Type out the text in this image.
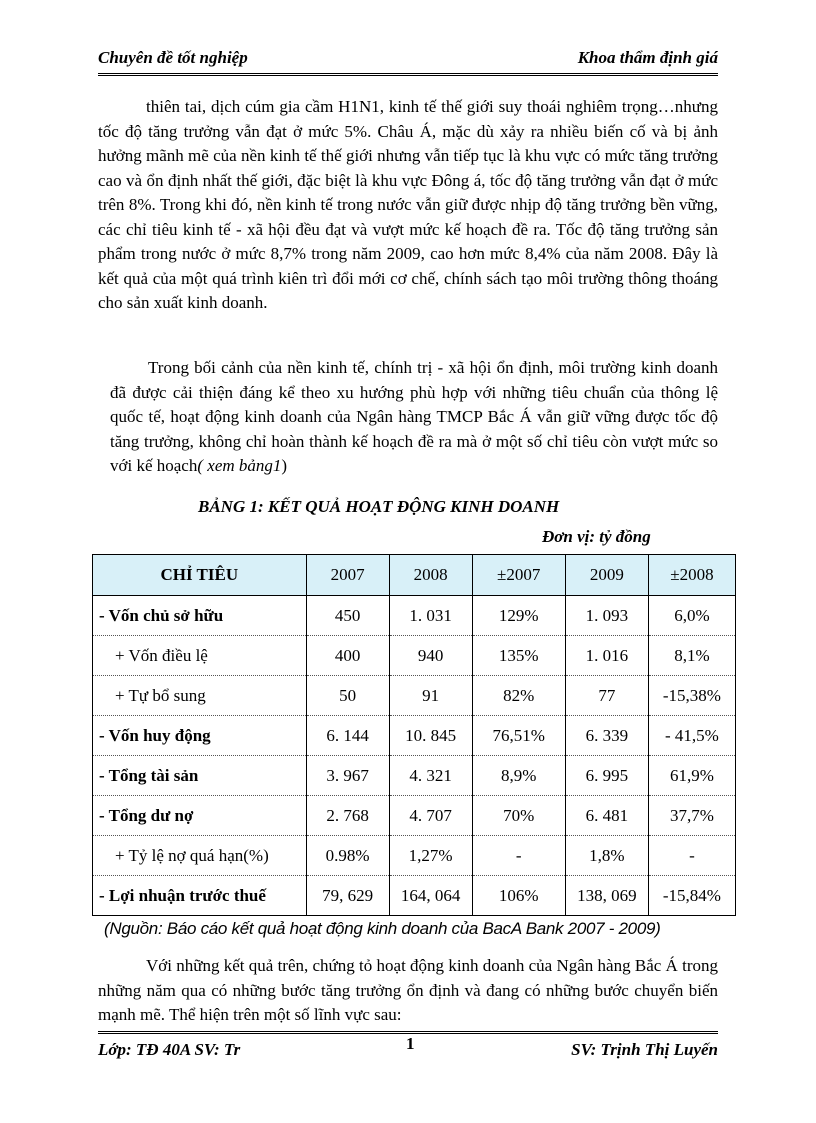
Chuyên đề tốt nghiệp	Khoa thẩm định giá
thiên tai, dịch cúm gia cầm H1N1, kinh tế thế giới suy thoái nghiêm trọng…nhưng tốc độ tăng trưởng vẫn đạt ở mức 5%. Châu Á, mặc dù xảy ra nhiều biến cố và bị ảnh hưởng mãnh mẽ của nền kinh tế thế giới nhưng vẫn tiếp tục là khu vực có mức tăng trưởng cao và ổn định nhất thế giới, đặc biệt là khu vực Đông á, tốc độ tăng trưởng vẫn đạt ở mức trên 8%. Trong khi đó, nền kinh tế trong nước vẫn giữ được nhịp độ tăng trưởng bền vững, các chỉ tiêu kinh tế - xã hội đều đạt và vượt mức kế hoạch đề ra. Tốc độ tăng trưởng sản phẩm trong nước ở mức 8,7% trong năm 2009, cao hơn mức 8,4% của năm 2008. Đây là kết quả của một quá trình kiên trì đổi mới cơ chế, chính sách tạo môi trường thông thoáng cho sản xuất kinh doanh.
Trong bối cảnh của nền kinh tế, chính trị - xã hội ổn định, môi trường kinh doanh đã được cải thiện đáng kể theo xu hướng phù hợp với những tiêu chuẩn của thông lệ quốc tế, hoạt động kinh doanh của Ngân hàng TMCP Bắc Á vẫn giữ vững được tốc độ tăng trưởng, không chỉ hoàn thành kế hoạch đề ra mà ở một số chỉ tiêu còn vượt mức so với kế hoạch( xem bảng1)
BẢNG 1: KẾT QUẢ HOẠT ĐỘNG KINH DOANH
Đơn vị: tỷ đồng
CHỈ TIÊU	2007	2008	±2007	2009	±2008
- Vốn chủ sở hữu	450	1. 031	129%	1. 093	6,0%
+ Vốn điều lệ	400	940	135%	1. 016	8,1%
+ Tự bổ sung	50	91	82%	77	-15,38%
- Vốn huy động	6. 144	10. 845	76,51%	6. 339	- 41,5%
- Tổng tài sản	3. 967	4. 321	8,9%	6. 995	61,9%
- Tổng dư nợ	2. 768	4. 707	70%	6. 481	37,7%
+ Tỷ lệ nợ quá hạn(%)	0.98%	1,27%	-	1,8%	-
- Lợi nhuận trước thuế	79, 629	164, 064	106%	138, 069	-15,84%
(Nguồn: Báo cáo kết quả hoạt động kinh doanh của BacA Bank 2007 - 2009)
Với những kết quả trên, chứng tỏ hoạt động kinh doanh của Ngân hàng Bắc Á trong những năm qua có những bước tăng trưởng ổn định và đang có những bước chuyển biến mạnh mẽ. Thể hiện trên một số lĩnh vực sau:
Lớp: TĐ 40A SV: Tr	1	SV: Trịnh Thị Luyến
